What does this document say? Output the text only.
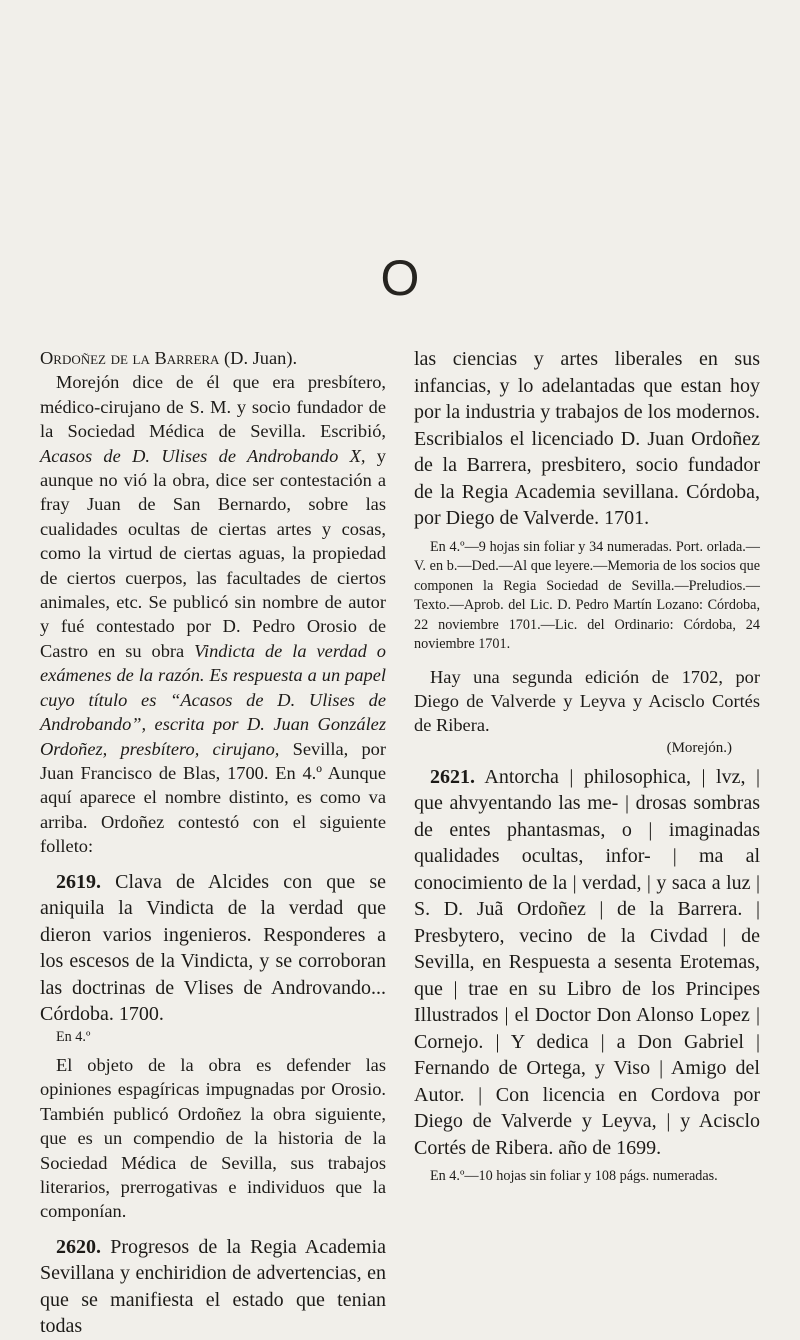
O

Ordoñez de la Barrera (D. Juan).

Morejón dice de él que era presbítero, médico-cirujano de S. M. y socio fundador de la Sociedad Médica de Sevilla. Escribió, Acasos de D. Ulises de Androbando X, y aunque no vió la obra, dice ser contestación a fray Juan de San Bernardo, sobre las cualidades ocultas de ciertas artes y cosas, como la virtud de ciertas aguas, la propiedad de ciertos cuerpos, las facultades de ciertos animales, etc. Se publicó sin nombre de autor y fué contestado por D. Pedro Orosio de Castro en su obra Vindicta de la verdad o exámenes de la razón. Es respuesta a un papel cuyo título es “Acasos de D. Ulises de Androbando”, escrita por D. Juan González Ordoñez, presbítero, cirujano, Sevilla, por Juan Francisco de Blas, 1700. En 4.º Aunque aquí aparece el nombre distinto, es como va arriba. Ordoñez contestó con el siguiente folleto:

2619. Clava de Alcides con que se aniquila la Vindicta de la verdad que dieron varios ingenieros. Responderes a los escesos de la Vindicta, y se corroboran las doctrinas de Vlises de Androvando... Córdoba. 1700.

En 4.º

El objeto de la obra es defender las opiniones espagíricas impugnadas por Orosio. También publicó Ordoñez la obra siguiente, que es un compendio de la historia de la Sociedad Médica de Sevilla, sus trabajos literarios, prerrogativas e individuos que la componían.

2620. Progresos de la Regia Academia Sevillana y enchiridion de advertencias, en que se manifiesta el estado que tenian todas

las ciencias y artes liberales en sus infancias, y lo adelantadas que estan hoy por la industria y trabajos de los modernos. Escribialos el licenciado D. Juan Ordoñez de la Barrera, presbitero, socio fundador de la Regia Academia sevillana. Córdoba, por Diego de Valverde. 1701.

En 4.º—9 hojas sin foliar y 34 numeradas. Port. orlada.—V. en b.—Ded.—Al que leyere.—Memoria de los socios que componen la Regia Sociedad de Sevilla.—Preludios.—Texto.—Aprob. del Lic. D. Pedro Martín Lozano: Córdoba, 22 noviembre 1701.—Lic. del Ordinario: Córdoba, 24 noviembre 1701.

Hay una segunda edición de 1702, por Diego de Valverde y Leyva y Acisclo Cortés de Ribera.

(Morejón.)

2621. Antorcha | philosophica, | lvz, | que ahvyentando las me- | drosas sombras de entes phantasmas, o | imaginadas qualidades ocultas, infor- | ma al conocimiento de la | verdad, | y saca a luz | S. D. Juã Ordoñez | de la Barrera. | Presbytero, vecino de la Civdad | de Sevilla, en Respuesta a sesenta Erotemas, que | trae en su Libro de los Principes Illustrados | el Doctor Don Alonso Lopez | Cornejo. | Y dedica | a Don Gabriel | Fernando de Ortega, y Viso | Amigo del Autor. | Con licencia en Cordova por Diego de Valverde y Leyva, | y Acisclo Cortés de Ribera. año de 1699.

En 4.º—10 hojas sin foliar y 108 págs. numeradas.
